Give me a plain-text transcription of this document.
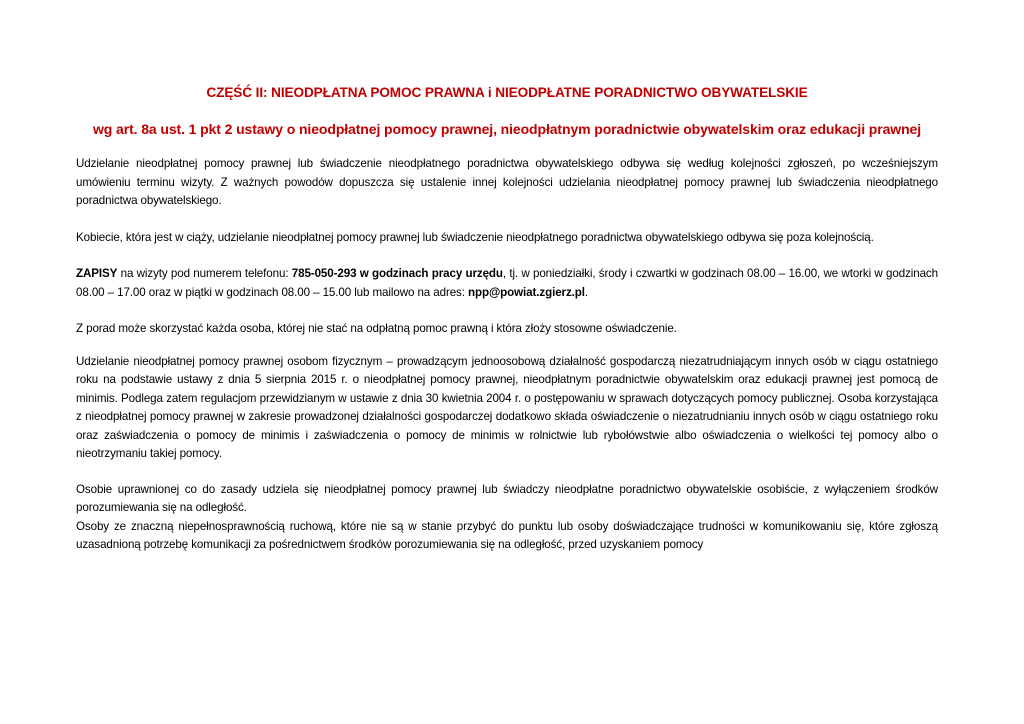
CZĘŚĆ II: NIEODPŁATNA POMOC PRAWNA i NIEODPŁATNE PORADNICTWO OBYWATELSKIE
wg art. 8a ust. 1 pkt 2 ustawy o nieodpłatnej pomocy prawnej, nieodpłatnym poradnictwie obywatelskim oraz edukacji prawnej

Udzielanie nieodpłatnej pomocy prawnej lub świadczenie nieodpłatnego poradnictwa obywatelskiego odbywa się według kolejności zgłoszeń, po wcześniejszym umówieniu terminu wizyty. Z ważnych powodów dopuszcza się ustalenie innej kolejności udzielania nieodpłatnej pomocy prawnej lub świadczenia nieodpłatnego poradnictwa obywatelskiego.

Kobiecie, która jest w ciąży, udzielanie nieodpłatnej pomocy prawnej lub świadczenie nieodpłatnego poradnictwa obywatelskiego odbywa się poza kolejnością.

ZAPISY na wizyty pod numerem telefonu: 785-050-293 w godzinach pracy urzędu, tj. w poniedziałki, środy i czwartki w godzinach 08.00 – 16.00, we wtorki w godzinach 08.00 – 17.00 oraz w piątki w godzinach 08.00 – 15.00 lub mailowo na adres: npp@powiat.zgierz.pl.

Z porad może skorzystać każda osoba, której nie stać na odpłatną pomoc prawną i która złoży stosowne oświadczenie.

Udzielanie nieodpłatnej pomocy prawnej osobom fizycznym – prowadzącym jednoosobową działalność gospodarczą niezatrudniającym innych osób w ciągu ostatniego roku na podstawie ustawy z dnia 5 sierpnia 2015 r. o nieodpłatnej pomocy prawnej, nieodpłatnym poradnictwie obywatelskim oraz edukacji prawnej jest pomocą de minimis. Podlega zatem regulacjom przewidzianym w ustawie z dnia 30 kwietnia 2004 r. o postępowaniu w sprawach dotyczących pomocy publicznej. Osoba korzystająca z nieodpłatnej pomocy prawnej w zakresie prowadzonej działalności gospodarczej dodatkowo składa oświadczenie o niezatrudnianiu innych osób w ciągu ostatniego roku oraz zaświadczenia o pomocy de minimis i zaświadczenia o pomocy de minimis w rolnictwie lub rybołówstwie albo oświadczenia o wielkości tej pomocy albo o nieotrzymaniu takiej pomocy.

Osobie uprawnionej co do zasady udziela się nieodpłatnej pomocy prawnej lub świadczy nieodpłatne poradnictwo obywatelskie osobiście, z wyłączeniem środków porozumiewania się na odległość.

Osoby ze znaczną niepełnosprawnością ruchową, które nie są w stanie przybyć do punktu lub osoby doświadczające trudności w komunikowaniu się, które zgłoszą uzasadnioną potrzebę komunikacji za pośrednictwem środków porozumiewania się na odległość, przed uzyskaniem pomocy
